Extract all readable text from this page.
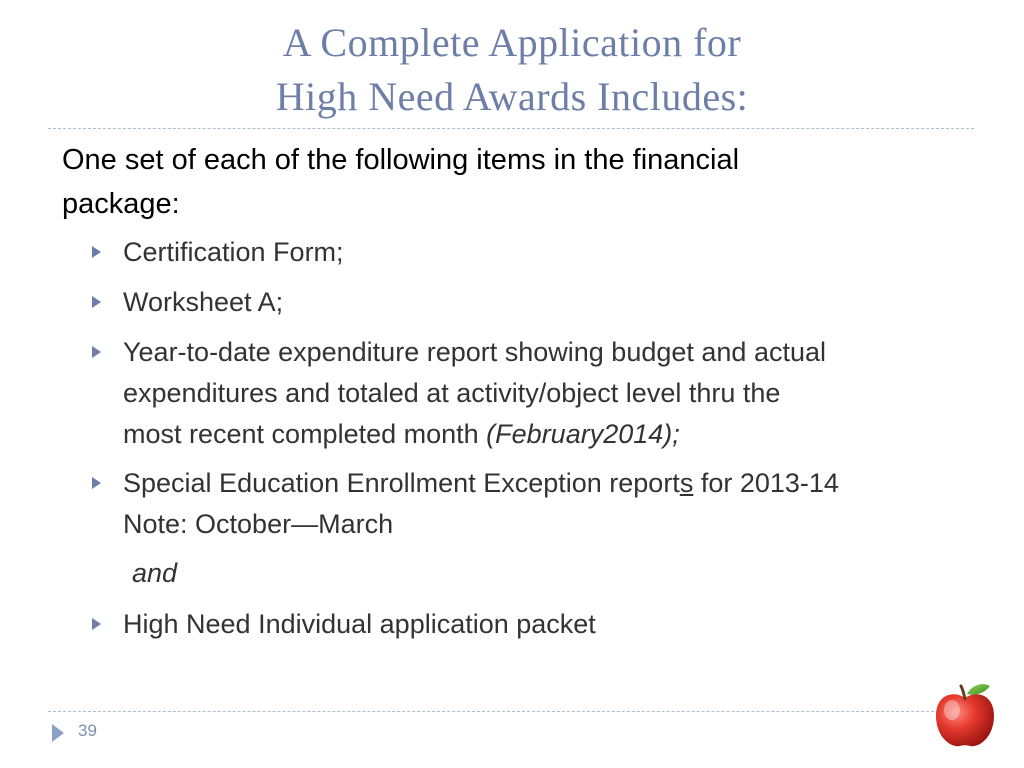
A Complete Application for
High Need Awards Includes:
One set of each of the following items in the financial
package:
Certification Form;
Worksheet A;
Year-to-date expenditure report showing budget and actual
expenditures and totaled at activity/object level thru the
most recent completed month (February2014);
Special Education Enrollment Exception reports for 2013-14
Note: October—March
High Need Individual application packet
and
39
